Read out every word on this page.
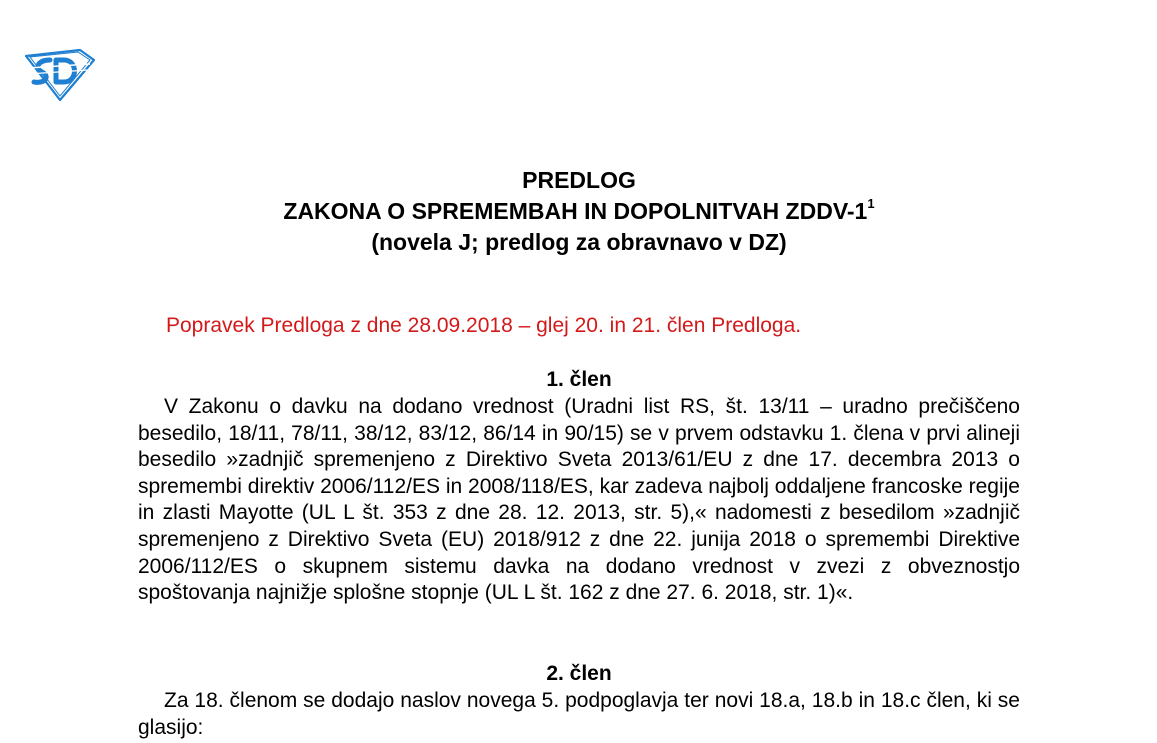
PREDLOG
ZAKONA O SPREMEMBAH IN DOPOLNITVAH ZDDV-$1^1$
(novela J; predlog za obravnavo v DZ)
Popravek Predloga z dne 28.09.2018 – glej 20. in 21. člen Predloga.
1. člen

V Zakonu o davku na dodano vrednost (Uradni list RS, št. 13/11 – uradno prečiščeno besedilo, 18/11, 78/11, 38/12, 83/12, 86/14 in 90/15) se v prvem odstavku 1. člena v prvi alineji besedilo »zadnjič spremenjeno z Direktivo Sveta 2013/61/EU z dne 17. decembra 2013 o spremembi direktiv 2006/112/ES in 2008/118/ES, kar zadeva najbolj oddaljene francoske regije in zlasti Mayotte (UL L št. 353 z dne 28. 12. 2013, str. 5),« nadomesti z besedilom »zadnjič spremenjeno z Direktivo Sveta (EU) 2018/912 z dne 22. junija 2018 o spremembi Direktive 2006/112/ES o skupnem sistemu davka na dodano vrednost v zvezi z obveznostjo spoštovanja najnižje splošne stopnje (UL L št. 162 z dne 27. 6. 2018, str. 1)«.

2. člen

Za 18. členom se dodajo naslov novega 5. podpoglavja ter novi 18.a, 18.b in 18.c člen, ki se glasijo:
